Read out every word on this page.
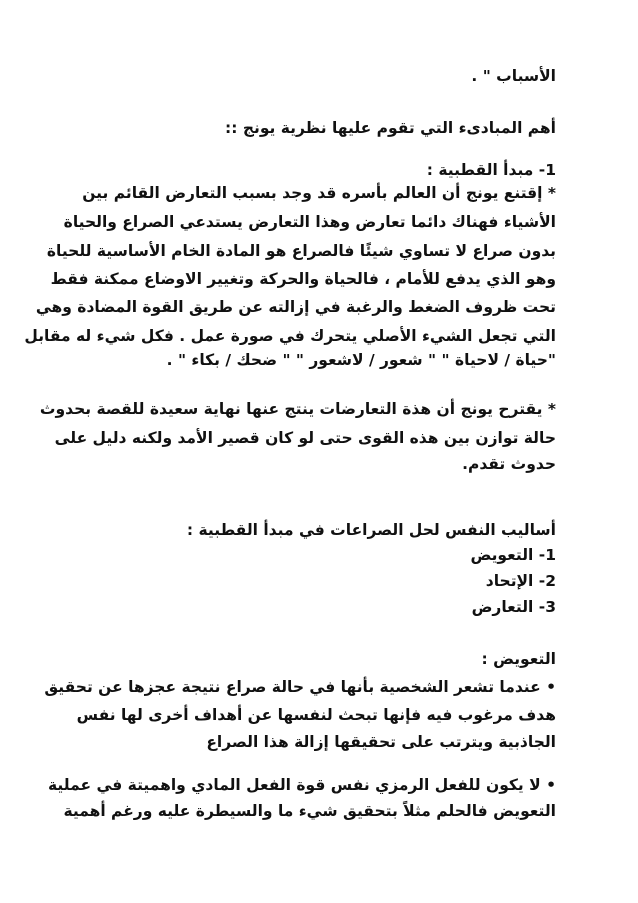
الأسباب " .
أهم المبادىء التي تقوم عليها نظرية يونج ::
1- مبدأ القطبية :
* إقتنع يونج أن العالم بأسره قد وجد بسبب التعارض القائم بين
الأشياء فهناك دائما تعارض وهذا التعارض يستدعي الصراع والحياة
بدون صراع لا تساوي شيئًا فالصراع هو المادة الخام الأساسية للحياة
وهو الذي يدفع للأمام ، فالحياة والحركة وتغيير الاوضاع ممكنة فقط
تحت ظروف الضغط والرغبة في إزالته عن طريق القوة المضادة وهي
التي تجعل الشيء الأصلي يتحرك في صورة عمل . فكل شيء له مقابل
"حياة / لاحياة " " شعور / لاشعور " " ضحك / بكاء " .
* يقترح يونج أن هذة التعارضات ينتج عنها نهاية سعيدة للقصة بحدوث
حالة توازن بين هذه القوى حتى لو كان قصير الأمد ولكنه دليل على
حدوث تقدم.
أساليب النفس لحل الصراعات في مبدأ القطبية :
1- التعويض
2- الإتحاد
3- التعارض
التعويض :
• عندما تشعر الشخصية بأنها في حالة صراع نتيجة عجزها عن تحقيق
هدف مرغوب فيه فإنها تبحث لنفسها عن أهداف أخرى لها نفس
الجاذبية ويترتب على تحقيقها إزالة هذا الصراع
• لا يكون للفعل الرمزي نفس قوة الفعل المادي واهميتة في عملية
التعويض فالحلم مثلاً بتحقيق شيء ما والسيطرة عليه ورغم أهمية
